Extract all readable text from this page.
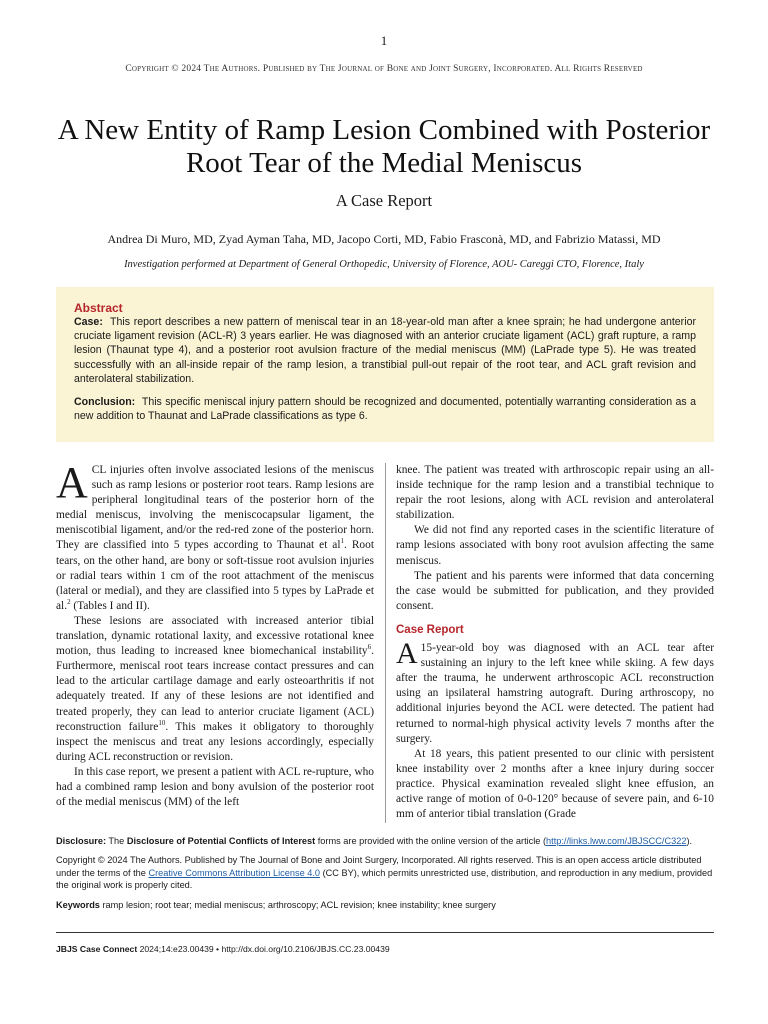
1
Copyright © 2024 The Authors. Published by The Journal of Bone and Joint Surgery, Incorporated. All Rights Reserved
A New Entity of Ramp Lesion Combined with Posterior Root Tear of the Medial Meniscus
A Case Report
Andrea Di Muro, MD, Zyad Ayman Taha, MD, Jacopo Corti, MD, Fabio Frasconà, MD, and Fabrizio Matassi, MD
Investigation performed at Department of General Orthopedic, University of Florence, AOU- Careggi CTO, Florence, Italy
Abstract

Case: This report describes a new pattern of meniscal tear in an 18-year-old man after a knee sprain; he had undergone anterior cruciate ligament revision (ACL-R) 3 years earlier. He was diagnosed with an anterior cruciate ligament (ACL) graft rupture, a ramp lesion (Thaunat type 4), and a posterior root avulsion fracture of the medial meniscus (MM) (LaPrade type 5). He was treated successfully with an all-inside repair of the ramp lesion, a transtibial pull-out repair of the root tear, and ACL graft revision and anterolateral stabilization.

Conclusion: This specific meniscal injury pattern should be recognized and documented, potentially warranting consideration as a new addition to Thaunat and LaPrade classifications as type 6.

ACL injuries often involve associated lesions of the meniscus such as ramp lesions or posterior root tears. Ramp lesions are peripheral longitudinal tears of the posterior horn of the medial meniscus, involving the meniscocapsular ligament, the meniscotibial ligament, and/or the red-red zone of the posterior horn. They are classified into 5 types according to Thaunat et $al^1$. Root tears, on the other hand, are bony or soft-tissue root avulsion injuries or radial tears within 1 cm of the root attachment of the meniscus (lateral or medial), and they are classified into 5 types by LaPrade et al.$^2$ (Tables I and II).

These lesions are associated with increased anterior tibial translation, dynamic rotational laxity, and excessive rotational knee motion, thus leading to increased knee biomechanical instability$^6$. Furthermore, meniscal root tears increase contact pressures and can lead to the articular cartilage damage and early osteoarthritis if not adequately treated. If any of these lesions are not identified and treated properly, they can lead to anterior cruciate ligament (ACL) reconstruction failure$^{10}$. This makes it obligatory to thoroughly inspect the meniscus and treat any lesions accordingly, especially during ACL reconstruction or revision.

In this case report, we present a patient with ACL re-rupture, who had a combined ramp lesion and bony avulsion of the posterior root of the medial meniscus (MM) of the left

knee. The patient was treated with arthroscopic repair using an all-inside technique for the ramp lesion and a transtibial technique to repair the root lesions, along with ACL revision and anterolateral stabilization.

We did not find any reported cases in the scientific literature of ramp lesions associated with bony root avulsion affecting the same meniscus.

The patient and his parents were informed that data concerning the case would be submitted for publication, and they provided consent.

Case Report

A 15-year-old boy was diagnosed with an ACL tear after sustaining an injury to the left knee while skiing. A few days after the trauma, he underwent arthroscopic ACL reconstruction using an ipsilateral hamstring autograft. During arthroscopy, no additional injuries beyond the ACL were detected. The patient had returned to normal-high physical activity levels 7 months after the surgery.

At 18 years, this patient presented to our clinic with persistent knee instability over 2 months after a knee injury during soccer practice. Physical examination revealed slight knee effusion, an active range of motion of 0-0-120° because of severe pain, and 6-10 mm of anterior tibial translation (Grade

Disclosure: The Disclosure of Potential Conflicts of Interest forms are provided with the online version of the article (http://links.lww.com/JBJSCC/C322).

Copyright © 2024 The Authors. Published by The Journal of Bone and Joint Surgery, Incorporated. All rights reserved. This is an open access article distributed under the terms of the Creative Commons Attribution License 4.0 (CC BY), which permits unrestricted use, distribution, and reproduction in any medium, provided the original work is properly cited.

Keywords ramp lesion; root tear; medial meniscus; arthroscopy; ACL revision; knee instability; knee surgery

JBJS Case Connect 2024;14:e23.00439 • http://dx.doi.org/10.2106/JBJS.CC.23.00439
